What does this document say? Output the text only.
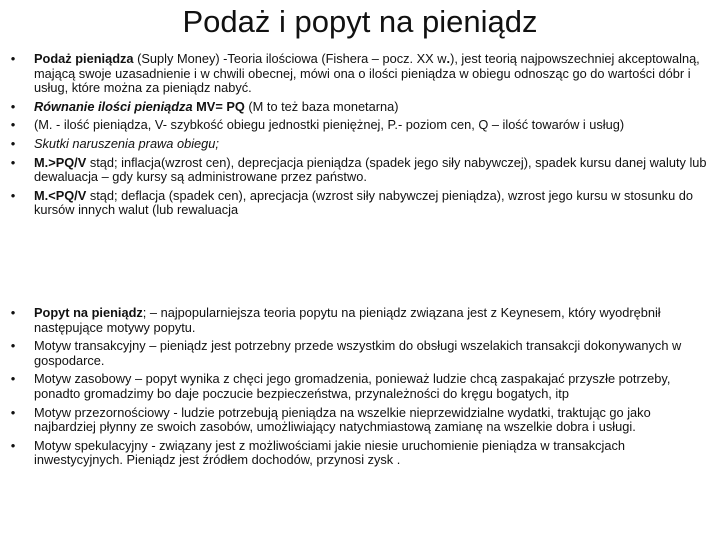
Podaż i popyt na pieniądz
• Podaż pieniądza (Suply Money) -Teoria ilościowa (Fishera – pocz. XX w.), jest teorią najpowszechniej akceptowalną, mającą swoje uzasadnienie i w chwili obecnej, mówi ona o ilości pieniądza w obiegu odnosząc go do wartości dóbr i usług, które można za pieniądz nabyć.
• Równanie ilości pieniądza MV= PQ (M to też baza monetarna)
• (M. - ilość pieniądza, V- szybkość obiegu jednostki pieniężnej, P.- poziom cen, Q – ilość towarów i usług)
• Skutki naruszenia prawa obiegu;
• M.>PQ/V stąd; inflacja(wzrost cen), deprecjacja pieniądza (spadek jego siły nabywczej), spadek kursu danej waluty lub dewaluacja – gdy kursy są administrowane przez państwo.
• M.<PQ/V stąd; deflacja (spadek cen), aprecjacja (wzrost siły nabywczej pieniądza), wzrost jego kursu w stosunku do kursów innych walut (lub rewaluacja
• Popyt na pieniądz; – najpopularniejsza teoria popytu na pieniądz związana jest z Keynesem, który wyodrębnił następujące motywy popytu.
• Motyw transakcyjny – pieniądz jest potrzebny przede wszystkim do obsługi wszelakich transakcji dokonywanych w gospodarce.
• Motyw zasobowy – popyt wynika z chęci jego gromadzenia, ponieważ ludzie chcą zaspakajać przyszłe potrzeby, ponadto gromadzimy bo daje poczucie bezpieczeństwa, przynależności do kręgu bogatych, itp
• Motyw przezornościowy - ludzie potrzebują pieniądza na wszelkie nieprzewidzialne wydatki, traktując go jako najbardziej płynny ze swoich zasobów, umożliwiający natychmiastową zamianę na wszelkie dobra i usługi.
• Motyw spekulacyjny - związany jest z możliwościami jakie niesie uruchomienie pieniądza w transakcjach inwestycyjnych. Pieniądz jest źródłem dochodów, przynosi zysk .
